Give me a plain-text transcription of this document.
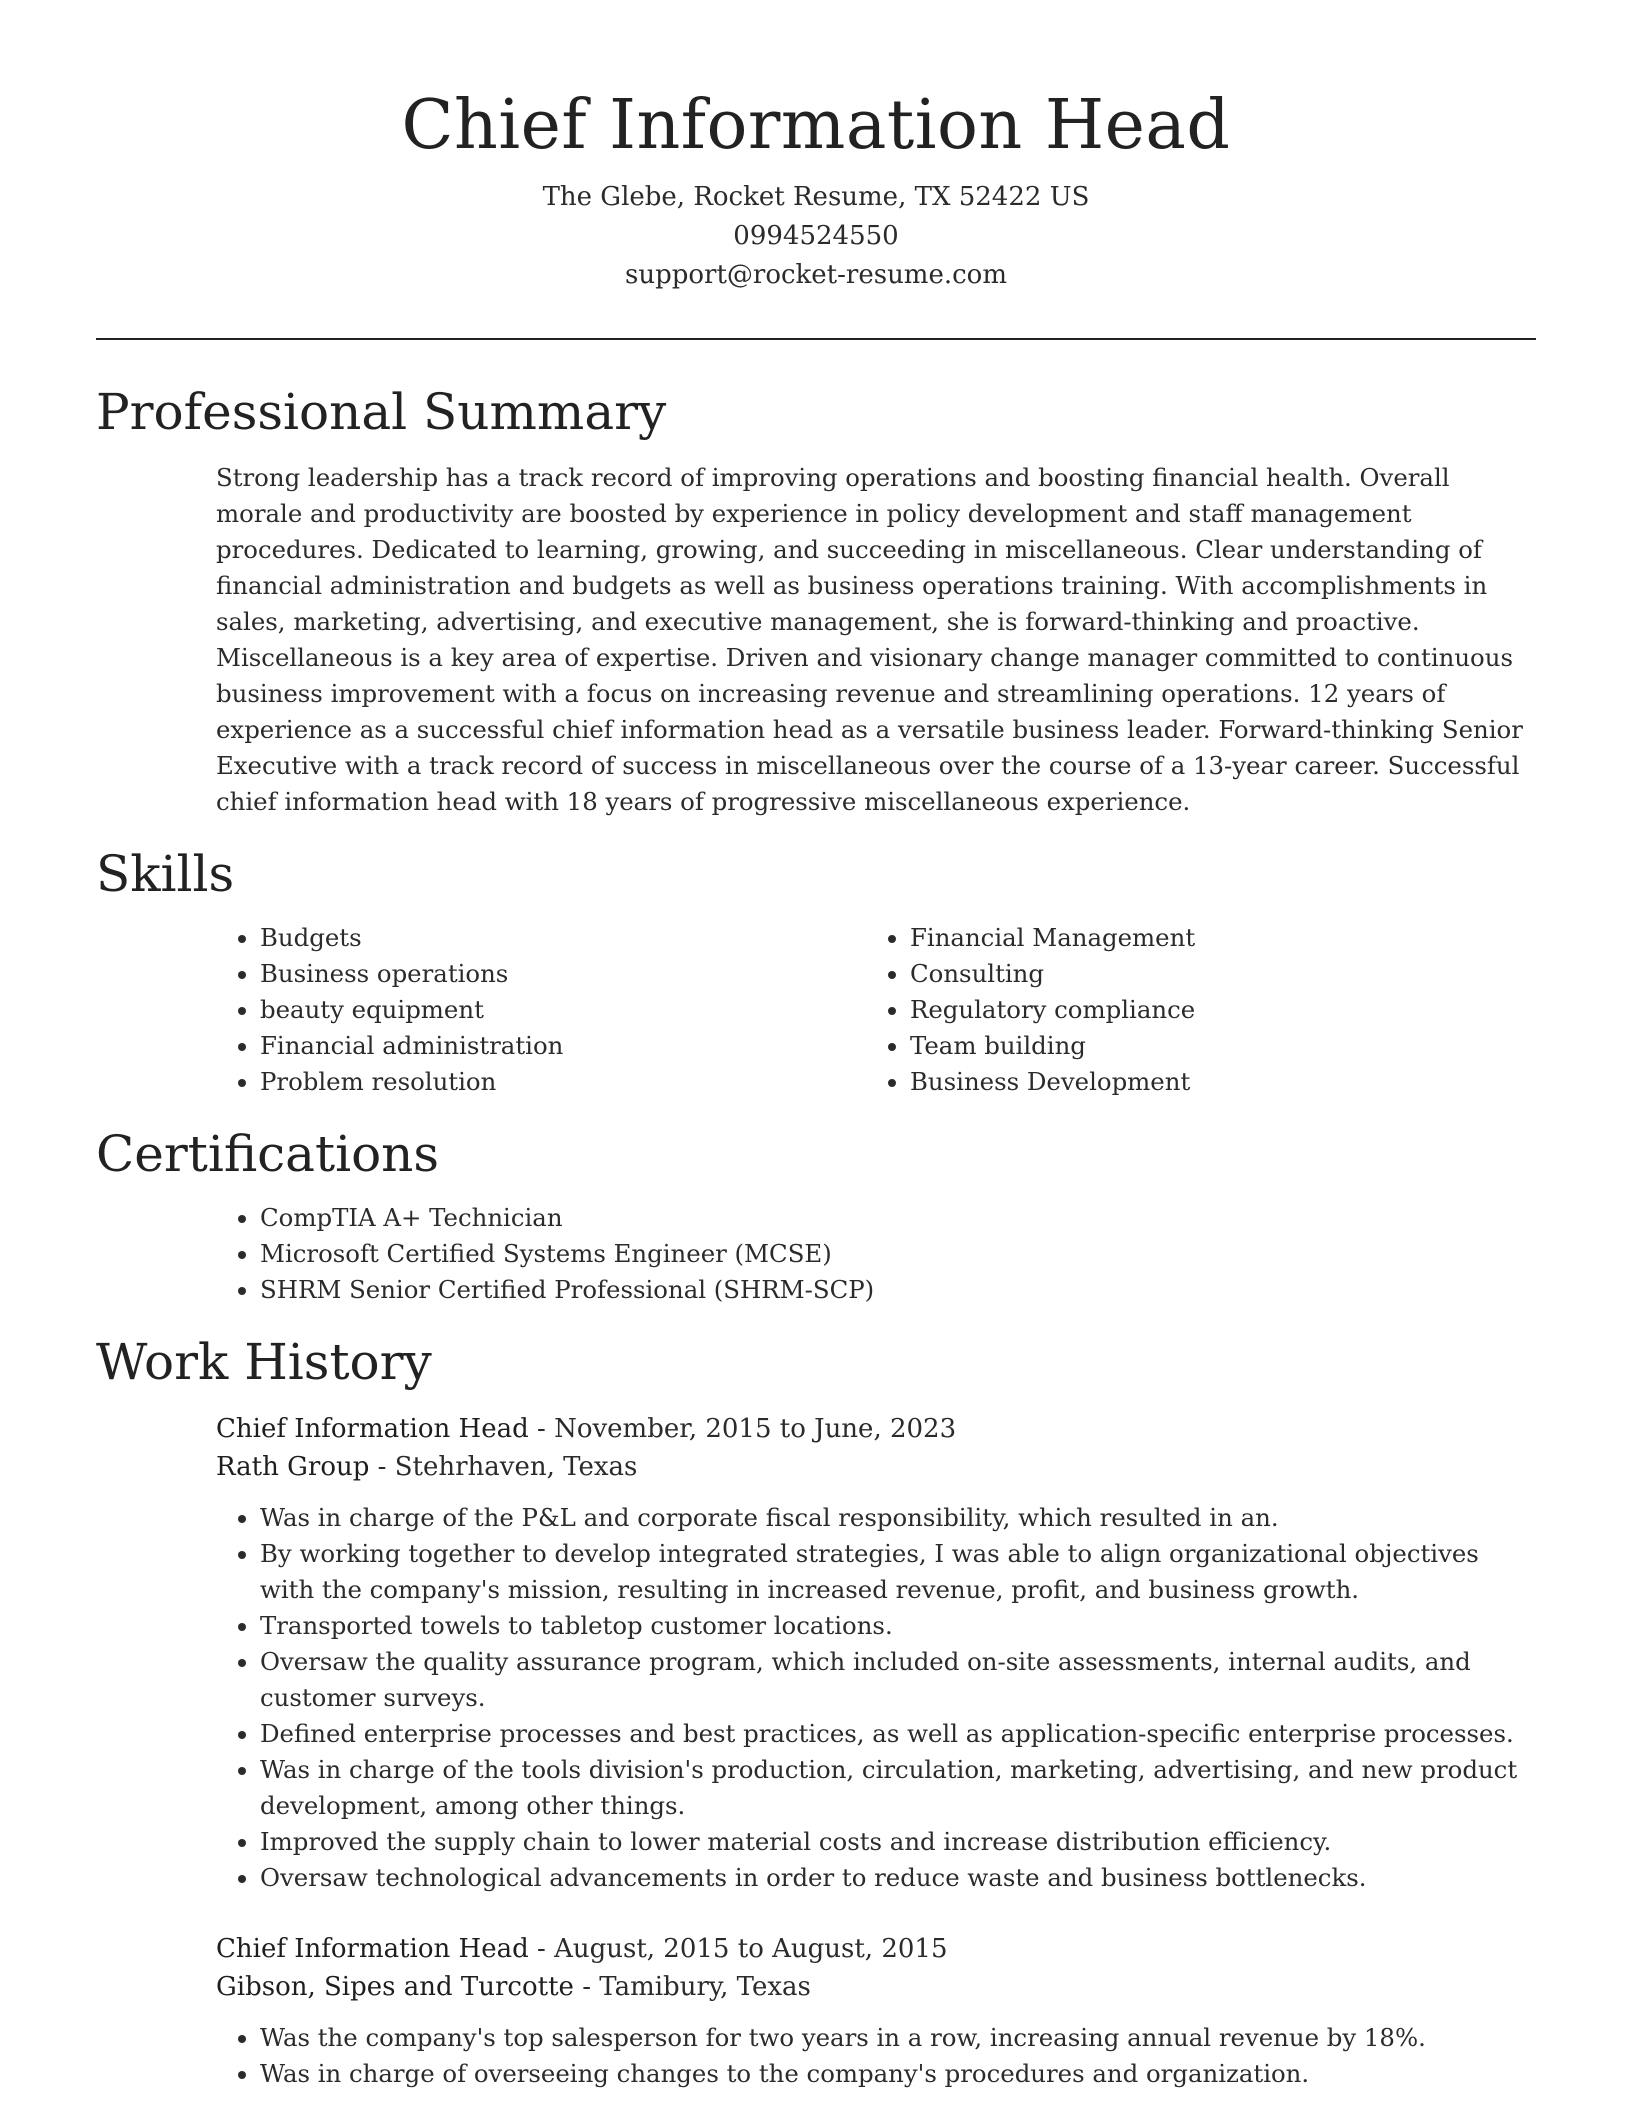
Chief Information Head
The Glebe, Rocket Resume, TX 52422 US
0994524550
support@rocket-resume.com
Professional Summary
Strong leadership has a track record of improving operations and boosting financial health. Overall morale and productivity are boosted by experience in policy development and staff management procedures. Dedicated to learning, growing, and succeeding in miscellaneous. Clear understanding of financial administration and budgets as well as business operations training. With accomplishments in sales, marketing, advertising, and executive management, she is forward-thinking and proactive. Miscellaneous is a key area of expertise. Driven and visionary change manager committed to continuous business improvement with a focus on increasing revenue and streamlining operations. 12 years of experience as a successful chief information head as a versatile business leader. Forward-thinking Senior Executive with a track record of success in miscellaneous over the course of a 13-year career. Successful chief information head with 18 years of progressive miscellaneous experience.
Skills
• Budgets
• Business operations
• beauty equipment
• Financial administration
• Problem resolution
• Financial Management
• Consulting
• Regulatory compliance
• Team building
• Business Development
Certifications
• CompTIA A+ Technician
• Microsoft Certified Systems Engineer (MCSE)
• SHRM Senior Certified Professional (SHRM-SCP)
Work History
Chief Information Head - November, 2015 to June, 2023
Rath Group - Stehrhaven, Texas
• Was in charge of the P&L and corporate fiscal responsibility, which resulted in an.
• By working together to develop integrated strategies, I was able to align organizational objectives with the company's mission, resulting in increased revenue, profit, and business growth.
• Transported towels to tabletop customer locations.
• Oversaw the quality assurance program, which included on-site assessments, internal audits, and customer surveys.
• Defined enterprise processes and best practices, as well as application-specific enterprise processes.
• Was in charge of the tools division's production, circulation, marketing, advertising, and new product development, among other things.
• Improved the supply chain to lower material costs and increase distribution efficiency.
• Oversaw technological advancements in order to reduce waste and business bottlenecks.
Chief Information Head - August, 2015 to August, 2015
Gibson, Sipes and Turcotte - Tamibury, Texas
• Was the company's top salesperson for two years in a row, increasing annual revenue by 18%.
• Was in charge of overseeing changes to the company's procedures and organization.
